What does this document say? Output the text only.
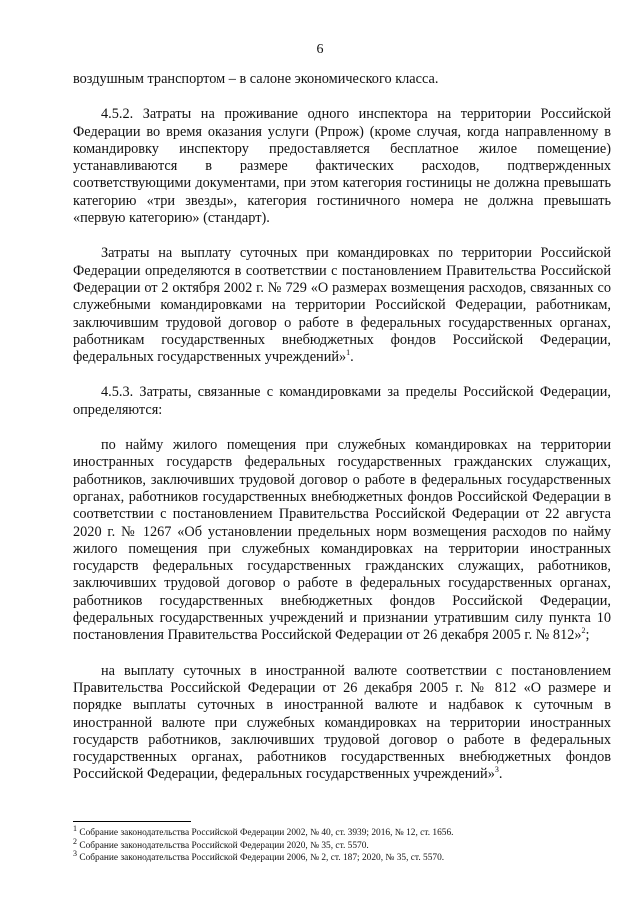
6

воздушным транспортом – в салоне экономического класса.

4.5.2. Затраты на проживание одного инспектора на территории Российской Федерации во время оказания услуги (Рпрож) (кроме случая, когда направленному в командировку инспектору предоставляется бесплатное жилое помещение) устанавливаются в размере фактических расходов, подтвержденных соответствующими документами, при этом категория гостиницы не должна превышать категорию «три звезды», категория гостиничного номера не должна превышать «первую категорию» (стандарт).

Затраты на выплату суточных при командировках по территории Российской Федерации определяются в соответствии с постановлением Правительства Российской Федерации от 2 октября 2002 г. № 729 «О размерах возмещения расходов, связанных со служебными командировками на территории Российской Федерации, работникам, заключившим трудовой договор о работе в федеральных государственных органах, работникам государственных внебюджетных фондов Российской Федерации, федеральных государственных учреждений»$^1$.

4.5.3. Затраты, связанные с командировками за пределы Российской Федерации, определяются:

по найму жилого помещения при служебных командировках на территории иностранных государств федеральных государственных гражданских служащих, работников, заключивших трудовой договор о работе в федеральных государственных органах, работников государственных внебюджетных фондов Российской Федерации в соответствии с постановлением Правительства Российской Федерации от 22 августа 2020 г. № 1267 «Об установлении предельных норм возмещения расходов по найму жилого помещения при служебных командировках на территории иностранных государств федеральных государственных гражданских служащих, работников, заключивших трудовой договор о работе в федеральных государственных органах, работников государственных внебюджетных фондов Российской Федерации, федеральных государственных учреждений и признании утратившим силу пункта 10 постановления Правительства Российской Федерации от 26 декабря 2005 г. № 812»$^2$;

на выплату суточных в иностранной валюте соответствии с постановлением Правительства Российской Федерации от 26 декабря 2005 г. № 812 «О размере и порядке выплаты суточных в иностранной валюте и надбавок к суточным в иностранной валюте при служебных командировках на территории иностранных государств работников, заключивших трудовой договор о работе в федеральных государственных органах, работников государственных внебюджетных фондов Российской Федерации, федеральных государственных учреждений»$^3$.

$^1$ Собрание законодательства Российской Федерации 2002, № 40, ст. 3939; 2016, № 12, ст. 1656.
$^2$ Собрание законодательства Российской Федерации 2020, № 35, ст. 5570.
$^3$ Собрание законодательства Российской Федерации 2006, № 2, ст. 187; 2020, № 35, ст. 5570.
